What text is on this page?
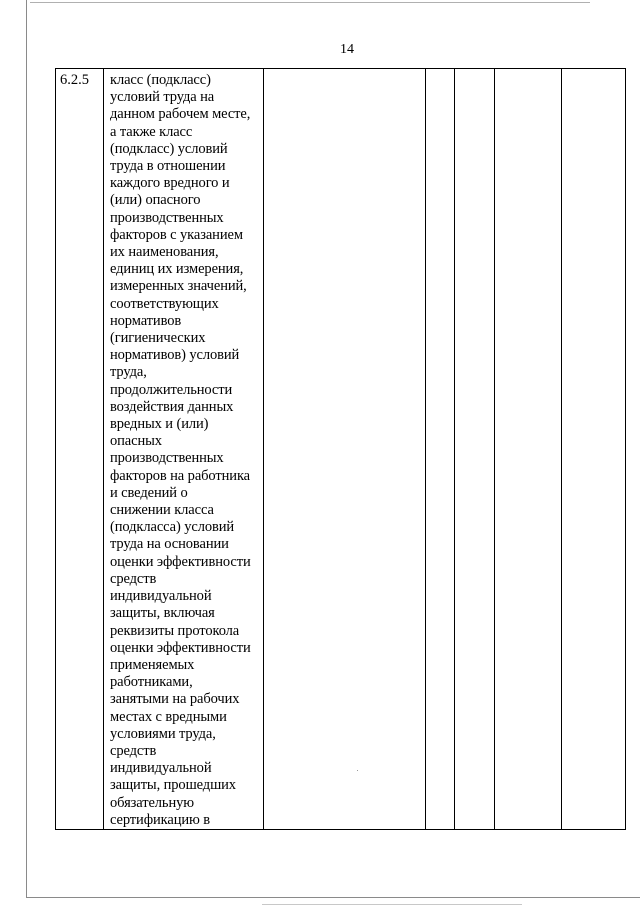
14
6.2.5	класс (подкласс)
условий труда на
данном рабочем месте,
а также класс
(подкласс) условий
труда в отношении
каждого вредного и
(или) опасного
производственных
факторов с указанием
их наименования,
единиц их измерения,
измеренных значений,
соответствующих
нормативов
(гигиенических
нормативов) условий
труда,
продолжительности
воздействия данных
вредных и (или)
опасных
производственных
факторов на работника
и сведений о
снижении класса
(подкласса) условий
труда на основании
оценки эффективности
средств
индивидуальной
защиты, включая
реквизиты протокола
оценки эффективности
применяемых
работниками,
занятыми на рабочих
местах с вредными
условиями труда,
средств
индивидуальной
защиты, прошедших
обязательную
сертификацию в
